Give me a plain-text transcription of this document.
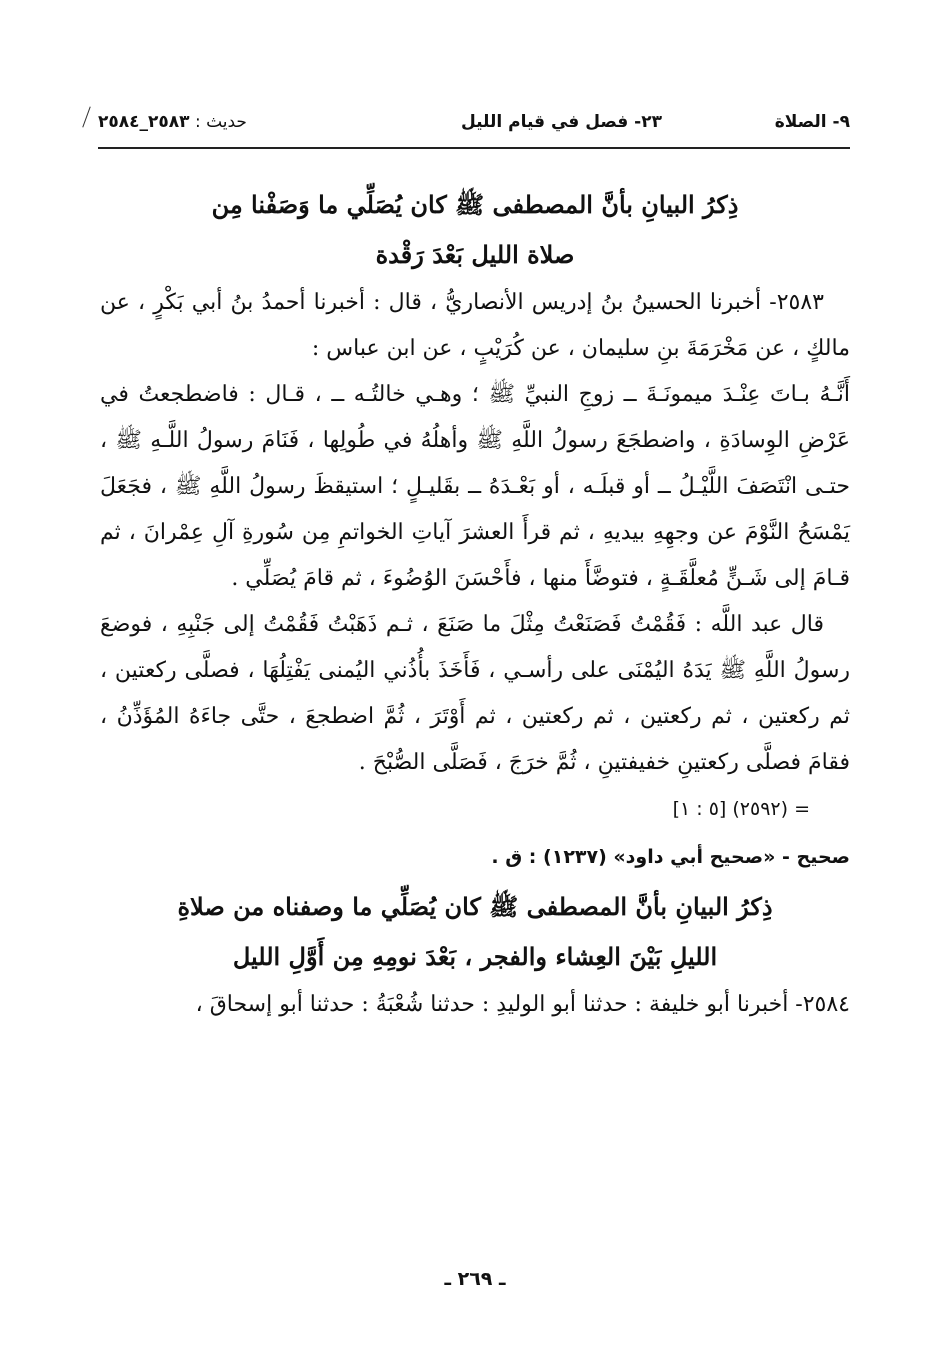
٩- الصلاة
٢٣- فصل في قيام الليل
حديث : ٢٥٨٣_٢٥٨٤

ذِكرُ البيانِ بأنَّ المصطفى ﷺ كان يُصَلِّي ما وَصَفْنا مِن

صلاة الليل بَعْدَ رَقْدة

٢٥٨٣- أخبرنا الحسينُ بنُ إدريس الأنصاريُّ ، قال : أخبرنا أحمدُ بنُ أبي بَكْرٍ ، عن مالكٍ ، عن مَخْرَمَةَ بنِ سليمان ، عن كُرَيْبٍ ، عن ابن عباس :

أَنَّـهُ بـاتَ عِنْـدَ ميمونَـةَ ــ زوجِ النبيِّ ﷺ ؛ وهـي خالتُـه ــ ، قـال : فاضطجعتُ في عَرْضِ الوِسادَةِ ، واضطجَعَ رسولُ اللَّهِ ﷺ وأهلُهُ في طُولِها ، فَنَامَ رسولُ اللَّـهِ ﷺ ، حتـى انْتَصَفَ اللَّيْـلُ ــ أو قبلَـه ، أو بَعْـدَهُ ــ بقَليـلٍ ؛ استيقظَ رسولُ اللَّهِ ﷺ ، فجَعَلَ يَمْسَحُ النَّوْمَ عن وجهِهِ بيديهِ ، ثم قرأَ العشرَ آياتِ الخواتمِ مِن سُورةِ آلِ عِمْرانَ ، ثم قـامَ إلى شَـنٍّ مُعلَّقَـةٍ ، فتوضَّأَ منها ، فأَحْسَنَ الوُضُوءَ ، ثم قامَ يُصَلِّي .

قال عبد اللَّه : فَقُمْتُ فَصَنَعْتُ مِثْلَ ما صَنَعَ ، ثـم ذَهَبْتُ فَقُمْتُ إلى جَنْبِهِ ، فوضعَ رسولُ اللَّهِ ﷺ يَدَهُ اليُمْنَى على رأسـي ، فَأَخَذَ بأُذُني اليُمنى يَفْتِلُهَا ، فصلَّى ركعتين ، ثم ركعتين ، ثم ركعتين ، ثم ركعتين ، ثم أَوْتَرَ ، ثُمَّ اضطجعَ ، حتَّى جاءَهُ المُؤَذِّنُ ، فقامَ فصلَّى ركعتينِ خفيفتينِ ، ثُمَّ خرَجَ ، فَصَلَّى الصُّبْحَ .

= (٢٥٩٢) [٥ : ١]

صحيح - «صحيح أبي داود» (١٢٣٧) : ق .

ذِكرُ البيانِ بأنَّ المصطفى ﷺ كان يُصَلِّي ما وصفناه من صلاةِ

الليلِ بَيْنَ العِشاء والفجر ، بَعْدَ نومِهِ مِن أَوَّلِ الليل

٢٥٨٤- أخبرنا أبو خليفة : حدثنا أبو الوليدِ : حدثنا شُعْبَةُ : حدثنا أبو إسحاقَ ،

ـ ٢٦٩ ـ
